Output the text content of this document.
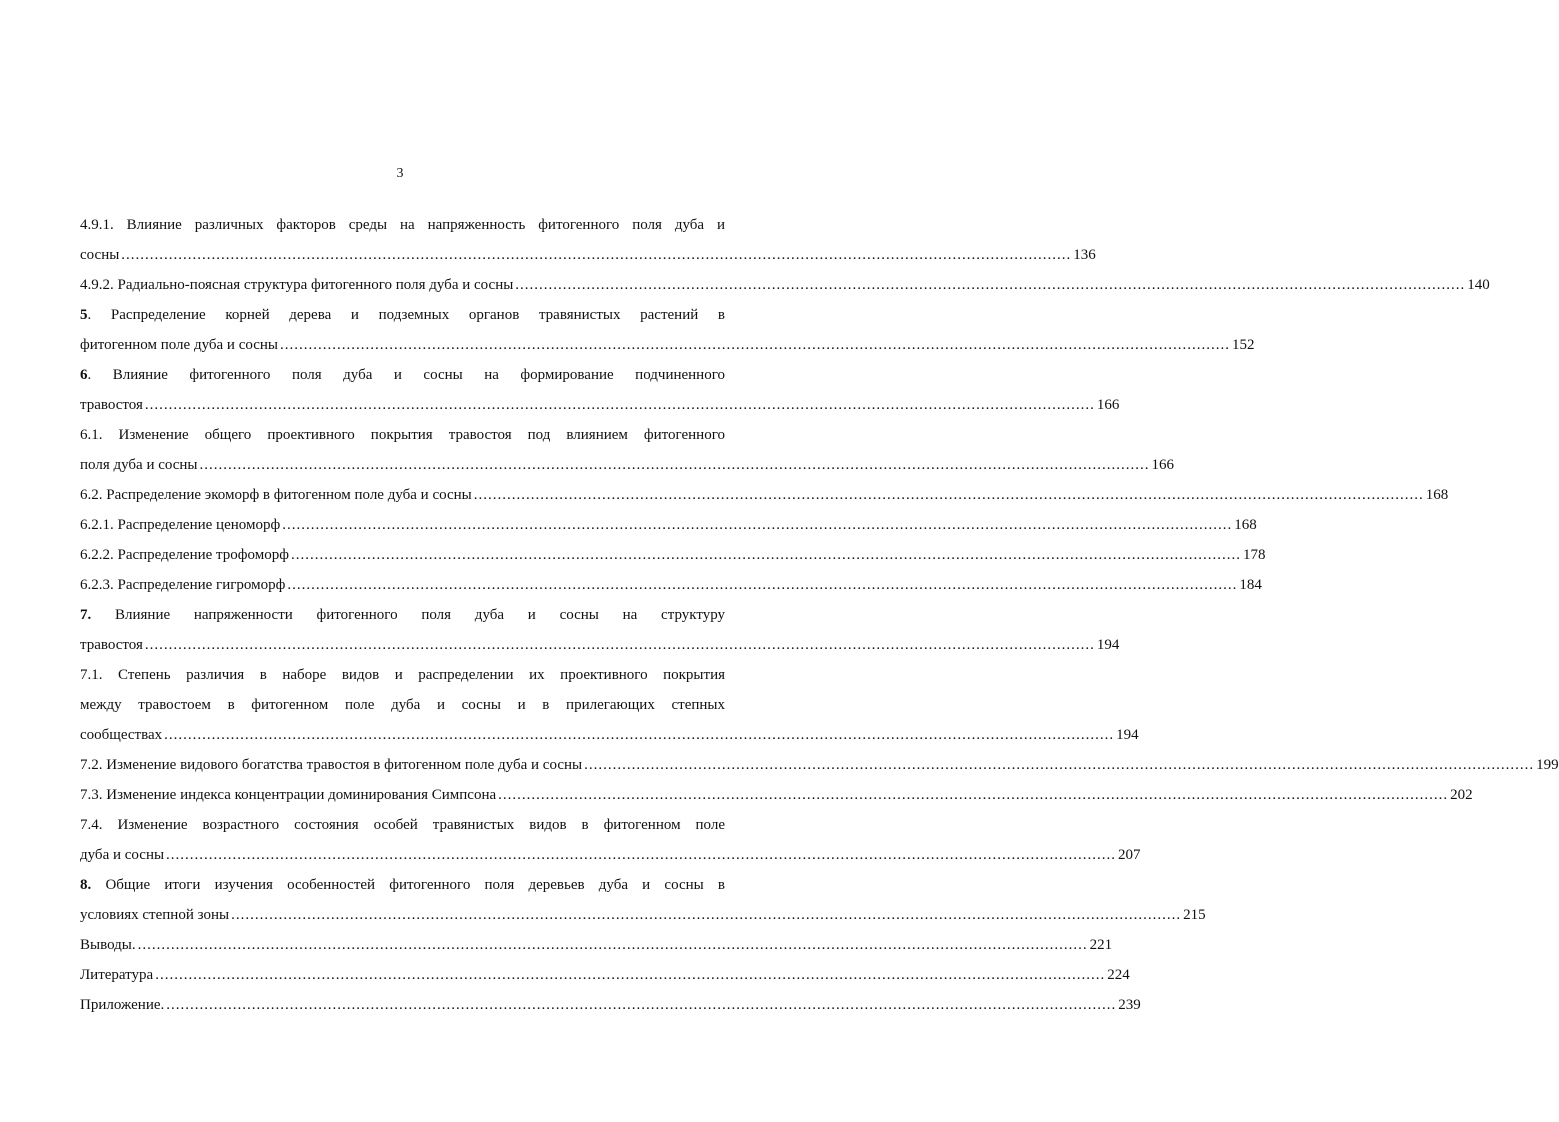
3
4.9.1. Влияние различных факторов среды на напряженность фитогенного поля дуба и
сосны ........................................................................................................................................................................................................ 136
4.9.2. Радиально-поясная структура фитогенного поля дуба и сосны ........................................................................................................................................................................................................ 140
5. Распределение корней дерева и подземных органов травянистых растений в
фитогенном поле дуба и сосны ........................................................................................................................................................................................................ 152
6. Влияние фитогенного поля дуба и сосны на формирование подчиненного
травостоя ........................................................................................................................................................................................................ 166
6.1. Изменение общего проективного покрытия травостоя под влиянием фитогенного
поля дуба и сосны ........................................................................................................................................................................................................ 166
6.2. Распределение экоморф в фитогенном поле дуба и сосны ........................................................................................................................................................................................................ 168
6.2.1. Распределение ценоморф ........................................................................................................................................................................................................ 168
6.2.2. Распределение трофоморф ........................................................................................................................................................................................................ 178
6.2.3. Распределение гигроморф ........................................................................................................................................................................................................ 184
7. Влияние напряженности фитогенного поля дуба и сосны на структуру
травостоя ........................................................................................................................................................................................................ 194
7.1. Степень различия в наборе видов и распределении их проективного покрытия
между травостоем в фитогенном поле дуба и сосны и в прилегающих степных
сообществах ........................................................................................................................................................................................................ 194
7.2. Изменение видового богатства травостоя в фитогенном поле дуба и сосны ........................................................................................................................................................................................................ 199
7.3. Изменение индекса концентрации доминирования Симпсона ........................................................................................................................................................................................................ 202
7.4. Изменение возрастного состояния особей травянистых видов в фитогенном поле
дуба и сосны ........................................................................................................................................................................................................ 207
8. Общие итоги изучения особенностей фитогенного поля деревьев дуба и сосны в
условиях степной зоны ........................................................................................................................................................................................................ 215
Выводы. ........................................................................................................................................................................................................ 221
Литература ........................................................................................................................................................................................................ 224
Приложение. ........................................................................................................................................................................................................ 239
